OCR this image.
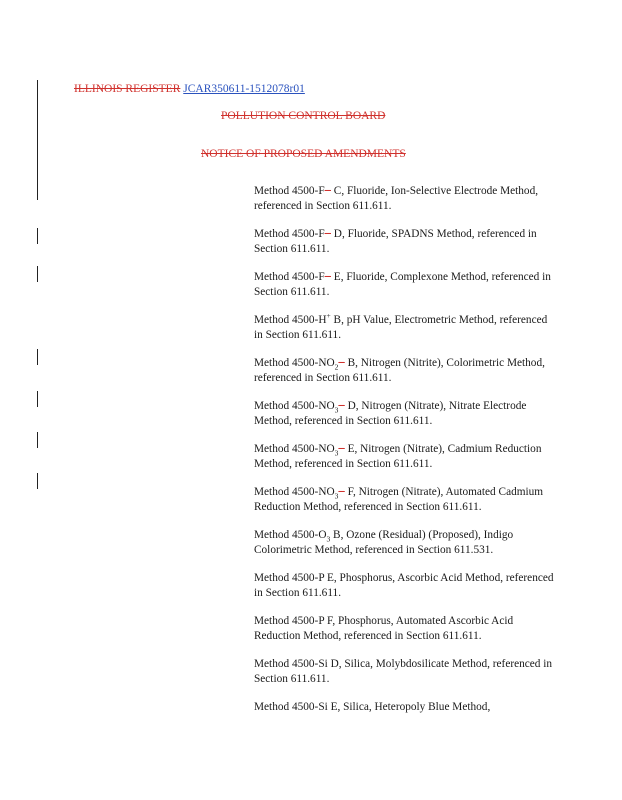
ILLINOIS REGISTER JCAR350611-1512078r01
POLLUTION CONTROL BOARD
NOTICE OF PROPOSED AMENDMENTS
Method 4500-F− C, Fluoride, Ion-Selective Electrode Method, referenced in Section 611.611.
Method 4500-F− D, Fluoride, SPADNS Method, referenced in Section 611.611.
Method 4500-F− E, Fluoride, Complexone Method, referenced in Section 611.611.
Method 4500-H+ B, pH Value, Electrometric Method, referenced in Section 611.611.
Method $4500-NO_2- B$, Nitrogen (Nitrite), Colorimetric Method, referenced in Section 611.611.
Method $4500-NO_3- D$, Nitrogen (Nitrate), Nitrate Electrode Method, referenced in Section 611.611.
Method $4500-NO_3- E$, Nitrogen (Nitrate), Cadmium Reduction Method, referenced in Section 611.611.
Method $4500-NO_3- F$, Nitrogen (Nitrate), Automated Cadmium Reduction Method, referenced in Section 611.611.
Method $4500-O_3$ B, Ozone (Residual) (Proposed), Indigo Colorimetric Method, referenced in Section 611.531.
Method 4500-P E, Phosphorus, Ascorbic Acid Method, referenced in Section 611.611.
Method 4500-P F, Phosphorus, Automated Ascorbic Acid Reduction Method, referenced in Section 611.611.
Method 4500-Si D, Silica, Molybdosilicate Method, referenced in Section 611.611.
Method 4500-Si E, Silica, Heteropoly Blue Method,
